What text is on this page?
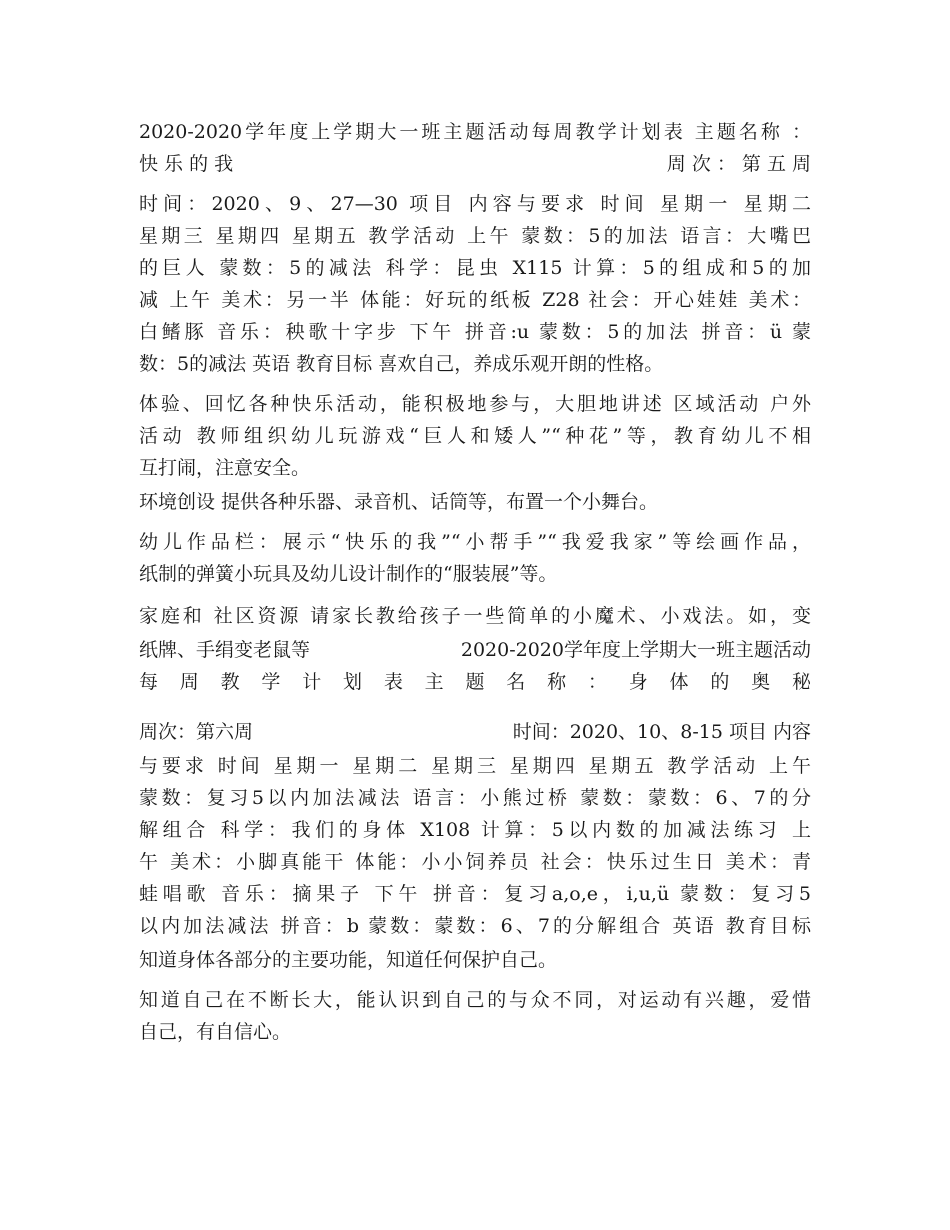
2020-2020学年度上学期大一班主题活动每周教学计划表 主题名称 ：
快 乐 的 我	周 次 ： 第 五 周
时间：2020、9、27—30 项目 内容与要求 时间 星期一 星期二
星期三 星期四 星期五 教学活动 上午 蒙数：5的加法 语言：大嘴巴
的巨人 蒙数：5的减法 科学：昆虫 X115 计算：5的组成和5的加
减 上午 美术：另一半 体能：好玩的纸板 Z28 社会：开心娃娃 美术：
白鳍豚 音乐：秧歌十字步 下午 拼音:u 蒙数：5的加法 拼音：ü 蒙
数：5的减法 英语 教育目标 喜欢自己，养成乐观开朗的性格。
体验、回忆各种快乐活动，能积极地参与，大胆地讲述 区域活动 户外
活动 教师组织幼儿玩游戏“巨人和矮人”“种花”等，教育幼儿不相
互打闹，注意安全。
环境创设 提供各种乐器、录音机、话筒等，布置一个小舞台。
幼儿作品栏：展示“快乐的我”“小帮手”“我爱我家”等绘画作品，
纸制的弹簧小玩具及幼儿设计制作的“服装展”等。
家庭和 社区资源 请家长教给孩子一些简单的小魔术、小戏法。如，变
纸牌、手绢变老鼠等	2020-2020学年度上学期大一班主题活动
每 周 教 学 计 划 表 主 题 名 称 ： 身 体 的 奥 秘
周次：第六周	时间：2020、10、8-15 项目 内容
与要求 时间 星期一 星期二 星期三 星期四 星期五 教学活动 上午
蒙数：复习5以内加法减法 语言：小熊过桥 蒙数：蒙数：6、7的分
解组合 科学：我们的身体 X108 计算：5以内数的加减法练习 上
午 美术：小脚真能干 体能：小小饲养员 社会：快乐过生日 美术：青
蛙唱歌 音乐：摘果子 下午 拼音：复习a,o,e，i,u,ü 蒙数：复习5
以内加法减法 拼音：b 蒙数：蒙数：6、7的分解组合 英语 教育目标
知道身体各部分的主要功能，知道任何保护自己。
知道自己在不断长大，能认识到自己的与众不同，对运动有兴趣，爱惜
自己，有自信心。
